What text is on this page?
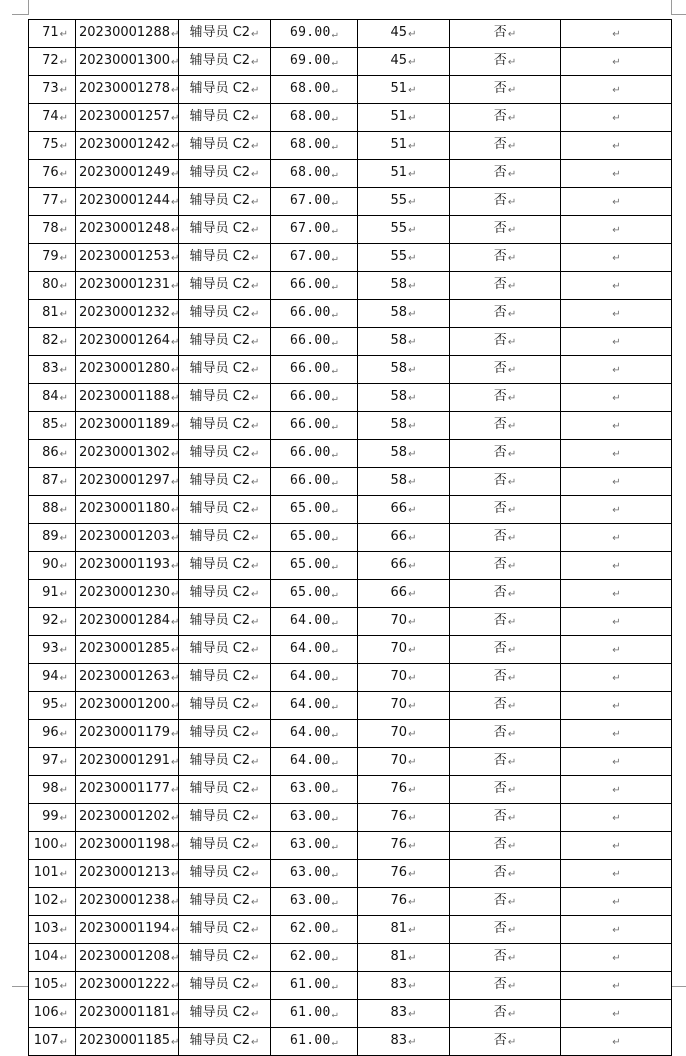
71↵	20230001288↵	辅导员 C2↵	69.00↵	45↵	否↵	↵
72↵	20230001300↵	辅导员 C2↵	69.00↵	45↵	否↵	↵
73↵	20230001278↵	辅导员 C2↵	68.00↵	51↵	否↵	↵
74↵	20230001257↵	辅导员 C2↵	68.00↵	51↵	否↵	↵
75↵	20230001242↵	辅导员 C2↵	68.00↵	51↵	否↵	↵
76↵	20230001249↵	辅导员 C2↵	68.00↵	51↵	否↵	↵
77↵	20230001244↵	辅导员 C2↵	67.00↵	55↵	否↵	↵
78↵	20230001248↵	辅导员 C2↵	67.00↵	55↵	否↵	↵
79↵	20230001253↵	辅导员 C2↵	67.00↵	55↵	否↵	↵
80↵	20230001231↵	辅导员 C2↵	66.00↵	58↵	否↵	↵
81↵	20230001232↵	辅导员 C2↵	66.00↵	58↵	否↵	↵
82↵	20230001264↵	辅导员 C2↵	66.00↵	58↵	否↵	↵
83↵	20230001280↵	辅导员 C2↵	66.00↵	58↵	否↵	↵
84↵	20230001188↵	辅导员 C2↵	66.00↵	58↵	否↵	↵
85↵	20230001189↵	辅导员 C2↵	66.00↵	58↵	否↵	↵
86↵	20230001302↵	辅导员 C2↵	66.00↵	58↵	否↵	↵
87↵	20230001297↵	辅导员 C2↵	66.00↵	58↵	否↵	↵
88↵	20230001180↵	辅导员 C2↵	65.00↵	66↵	否↵	↵
89↵	20230001203↵	辅导员 C2↵	65.00↵	66↵	否↵	↵
90↵	20230001193↵	辅导员 C2↵	65.00↵	66↵	否↵	↵
91↵	20230001230↵	辅导员 C2↵	65.00↵	66↵	否↵	↵
92↵	20230001284↵	辅导员 C2↵	64.00↵	70↵	否↵	↵
93↵	20230001285↵	辅导员 C2↵	64.00↵	70↵	否↵	↵
94↵	20230001263↵	辅导员 C2↵	64.00↵	70↵	否↵	↵
95↵	20230001200↵	辅导员 C2↵	64.00↵	70↵	否↵	↵
96↵	20230001179↵	辅导员 C2↵	64.00↵	70↵	否↵	↵
97↵	20230001291↵	辅导员 C2↵	64.00↵	70↵	否↵	↵
98↵	20230001177↵	辅导员 C2↵	63.00↵	76↵	否↵	↵
99↵	20230001202↵	辅导员 C2↵	63.00↵	76↵	否↵	↵
100↵	20230001198↵	辅导员 C2↵	63.00↵	76↵	否↵	↵
101↵	20230001213↵	辅导员 C2↵	63.00↵	76↵	否↵	↵
102↵	20230001238↵	辅导员 C2↵	63.00↵	76↵	否↵	↵
103↵	20230001194↵	辅导员 C2↵	62.00↵	81↵	否↵	↵
104↵	20230001208↵	辅导员 C2↵	62.00↵	81↵	否↵	↵
105↵	20230001222↵	辅导员 C2↵	61.00↵	83↵	否↵	↵
106↵	20230001181↵	辅导员 C2↵	61.00↵	83↵	否↵	↵
107↵	20230001185↵	辅导员 C2↵	61.00↵	83↵	否↵	↵
